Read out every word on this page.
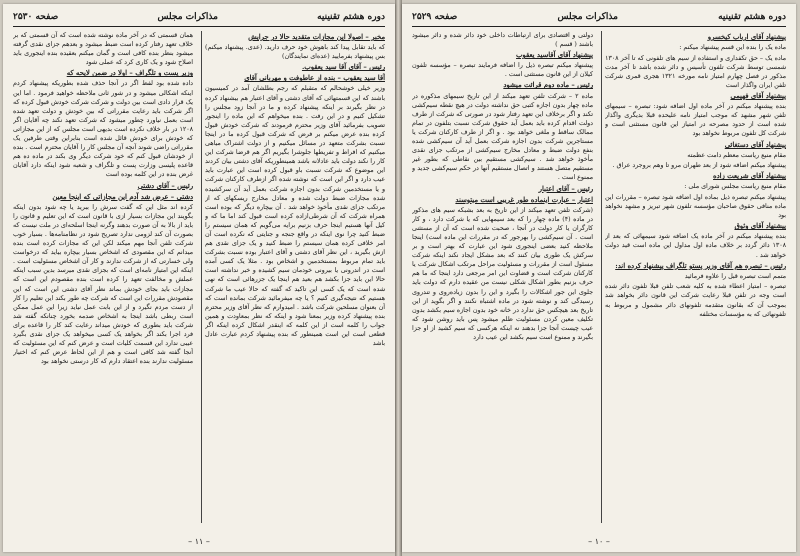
صفحه ۲۵۳۰	مذاکرات مجلس	دوره هشتم تقنینیه

مخبر – اصولا این مجازات متقدید حالا در جرایش

که باید تقابل پیدا کند باهوش خود حرف دارید. (عدی. پیشنهاد میکنم) بس پیشنهاد بفرمایید (عده‌ای نمایندگان)

رئیس – آقای آقا سید یعقوب.

آقا سید یعقوب – بنده از عاطوفت و مهربانی آقای

وزیر خیلی خوشحالم که متقبلم که رجم بطلشان آمد در کمیسیون باشند که این قسمتهائی که آقای دشتی و آقای اعتبار هم بیشنهاد کرده در نظر بگیرند بر اینکه پیشنهاد کرده و ما در آنجا زود مجلس را تشکیل کنیم و در این رفت . بنده میخواهم که این ماده را اینجور تصویب بفرمائید آقای وزیر محترم فرمودند که شرکت خودش قبول کرده بنده عرض میکنم بر فرض که شرکت قبول کرده ما در اینجا نسبت بشرکت متعهد در مسائل میکنیم و از دولت اشتراک میاهی میکنیم که افراط و تفریطها جلوشرا بگیریم اگر هم قرضا شرکت این کار را نکند دولت باید عادلانه باشد همینطوریکه آقای دشتی بیان کردند این موضوع که شرکت نسبت باو قبول کرده است این عبارت باید عیب دارد و اگر این است که نوشته شده اگر ازطرف کارکنان شرکت و یا مستخدمین شرکت بدون اجازه شرکت بعمل آید آن سرکشیده شده مجازات ضبط دولت شده و معادل مخارج ریسکهای که از مرتکب جزای نقدی مأخوذ خواهد شد . آن بیچاره دیگر که بوده است همراه شرکت که آن شرطی‌ازاده کرده است قبول کند اما ما که و کیل آنها هستیم اینجا حرف بزنیم برایه می‌گویم که همان سیستم را ضبط کنید چرا نوی اینکه در واقع جنجه و جنایتی که نکرده است آن امر خلافی کرده همان سیستم را ضبط کنید و یک جزای نقدی هم ازش بگیرید ، این نظر آقای دشتی و آقای اعتبار بوده نسبت بشرکت باید تمام مربوط بمستخدمین و اشخاص بود . مثلا یک کسی آمده است در اندرونی یا بیرونی خودمان سیم کشیده و خبر نداشته است حالا این باید جزا بکشد هم بعید هم اینجا یک جزرهائی است که نهی شده است که یک کسی این تاکید که گفته که حالا عیب ما شرکت هستیم که نتیجه‌گیری کنیم ؟ یا چه میفرمائید شرکت بمانده است که آن بعنوان مسلحین شرکت باشد . امیدوارم که نظر آقای وزیر محترم بنده پیشنهاد کرده وزیر بمعنا شود و اینکه که نظر بمعاودت و همین جواب را کلمه است از این کلمه که اینقدر اشکال کرده اینکه اگر قطعی است این است همینطور که بنده پیشنهاد کردم عبارت عادل باشد

همان قسمتی که در آخر ماده نوشته شده است که آن قسمتی که بر خلاف تعهد رفتار کرده است ضبط میشود و بعدهم جزای نقدی گرفته میشود بنظر بنده کافی است و گمان میکنم بعقیده بنده اینجوری باید اصلاح شود و یک کاری کرد که عملی شود

وزیر پست و تلگراف – اولا در ضمن لایحه که

داده شده بود لفظ اگر در آنجا حذف شده بطوریکه پیشنهاد کردم اینکه اشکالی میشود و در شور ثانی ملاحظه خواهید فرمود . اما این یک قرار دادی است بین دولت و شرکت شرکت خودش قبول کرده که اگر شرکت باید رعایت مقرراتی که بین خودش و دولت تعهد شده است بعمل نیاورد چطور میشود که شرکت تعهد نکند چه آقایان اگر ۱۲۰۸ در بار خلاف نکرده است بدیهی است مجلس که از این مجازاتی که خودش برای خودش قائل شده است بنابراین وقتی طرفین یک مقرراتی راضی شوند آنچه آن مجلس کار را آقایان محترم است . بنده از خودشان قبول کنم که خود شرکت دیگر وی بکند در ماده ده هم قاعده پلیسی وزارت پست و تلگراف و شعبه شود اینکه دارد آقایان غرض بنده در این کلمه بوده است

رئیس – آقای دشتی

دشتی – عرض شد آدم این مجازاتی که اینجا معین

کرده اند مثل این که گفت سرش را ببرید یا چه شود بدون اینکه بگویند این مجازات بسیار ازی با قانون است که این تعلیم و قانون را باید از بالا به آن صورت بدهند وگرنه اینجا اسلحه‌ای در ملت نیست که بصورت آن کند لزومی ندارد تصریح شود در نظامنامه‌ها . بسیار خوب شرکت تلفن آنجا مهم میکند لکن این که مجازات کرده است بنده میدانم که این مقصودی که اشخاص بسیار بیچاره بیاید که درخواست ولی خسارتی که از شرکت ندارند و کار آن اشخاص مسئولیت است . اینکه این امتیاز نامه‌ای است که بجزای نقدی میرسد بدین سبب اینکه عملش و مخالفت تعهد را کرده است بنده مقصودم این است که مجازات باید بجای خودش بماند نظر آقای دشتی این است که این مقصودش مقررات این است که شرکت چه طور بکند این تعلیم را کار از دست مردم نگیرد و از این بابت عمل نیاید زیرا این عمل ممکن است ربطی باشد اینجا به اشخاص صدمه بخورد چنانکه گفته شد شرکت باید بطوری که خودش میداند رعایت کند کار را قاعده برای فرد اجرا بکند اگر بخواهد یک کسی میخواهد یک جزای نقدی بگیرد عیبی ندارد این قسمت کلیات است و عرض کنم که این مسئولیت که آنجا گفته شد کافی است و هم از این لحاظ عرض کنم که اختیار مسئولیت ندارند بنده اعتقاد دارم که کار درستی نخواهد بود

– ۱۱ –
صفحه ۲۵۲۹	مذاکرات مجلس	دوره هشتم تقنینیه

پیشنهاد آقای ارباب کیخسرو

ماده یک را بنده این قسم پیشنهاد میکنم :

ماده یک – حق تکفداری و استفاده از سیم های تلفونی که تا آخر ۱۳۰۸ شمسی توسط شرکت تلفون تأسیس و دائر شده باشد تا آخر مدت مذکور در فصل چهارم امتیاز نامه مورخه ۱۳۲۱ هجری قمری شرکت تلفن ایران واگذار است

پیشنهاد آقای فهیمی

بنده پیشنهاد میکنم در آخر ماده اول اضافه شود: تبصره – سیمهای تلفن شهر مشهد که موجب امتیاز نامه علیحده قبلا بدیگری واگذار شده است از حدود مصرحه در امتیاز این قانون مستثنی است و شرکت کل تلفون مربوط نخواهد بود

پیشنهاد آقای دستغائی

مقام منیع ریاست معظم دامت عظمته

پیشنهاد میکنم اضافه شود از بعد طهران مرو تا وهم بروجرد عراق .

پیشنهاد آقای شریعت زاده

مقام منیع ریاست مجلس شورای ملی :

پیشنهاد میکنم تبصره ذیل بماده اول اضافه شود تبصره – مقررات این ماده منافی حقوق صاحبان مؤسسه تلفون شهر تبریز و مشهد نخواهد بود

پیشنهاد آقای وثوق

بنده پیشنهاد میکنم در آخر ماده یک اضافه شود سیمهائی که بعد از ۱۳۰۸ دائر گردد بر خلاف ماده اول مداول این ماده است قید دولت خواهد شد .

رئیس – تبصره هم آقای وزیر پستو تلگراف پیشنهاد کرده اند:

متمم است تبصره قبل را علاوه فرمائید

تبصره – امتیاز اعطاء شده به کلیه شعب تلفن قبلا تلفون دائر شده است وجه در تلفن قبلا رعایت شرکت این قانون دائر بخواهد شد بموجب آن که بقانون متقدمه تلفونهای دائر مشمول و مربوط به تلفونهائی که به مؤسسات مختلفه

دولتی و اقتصادی برای ارتباطات داخلی خود دائر شده و دائر میشود باشند ( قسم )

پیشنهاد آقای آقاسید یعقوب

پیشنهاد میکنم تبصره ذیل را اضافه فرمایند تبصره – مؤسسه تلفون کیلان از این قانون مستثنی است .

رئیس – ماده دوم قرائت میشود

ماده ۲ – شرکت تلفن تعهد میکند از این تاریخ سیمهای مذکوره در ماده چهار بدون اجازه کتبی حق نداشته دولت در هیچ نقطه سیم‌کشی تکند و اگر برخلاف این تعهد رفتار شود در صورتی که شرکت از طرف دولت اقدام کرده باید بعمل آید حقوق شرکت نسبت بتلفون در تمام ممالک ساقط و ملغی خواهد بود . و اگر از طرف کارکنان شرکت یا مستاجرین شرکت بدون اجازه شرکت بعمل آید آن سیم‌کشی شده بنفع دولت ضبط و معادل مخارج سیم‌کشی از مرتکب جزای نقدی مأخوذ خواهد شد . سیم‌کشی مستقیم بین نقاطی که بطور غیر مستقیم متصل هستند و اتصال مستقیم آنها در حکم سیم‌کشی جدید و ممنوع است .

رئیس – آقای اعتبار

اعتبار – عبارت اینماده طور غریبی است میتوسند

(شرکت تلفن تعهد میکند از این تاریخ به بعد بشبکه سیم های مذکور در ماده (۴) ماده چهار را که بعد سیمهایی که یا شرکت دارد ، و کار کارگران یا کار دولت در آنجا ، صحبت شده است که آن از مستثنی است . آن سیم‌کشی را بهرجور که در مقررات این ماده است) اینجا ملاحظه کنید بعضی اینجوری شود این عبارت که بهتر است و بر سرکش یک طوری بیان کنند که بعد مشکل ایجاد نکند اینکه شرکت مسئول است از مقررات و مسئولیت مراحل مرتکب اشکال شرکت یا کارکنان شرکت است و قضاوت این امر مرجعی دارد اینجا که ما هم حرف بزنیم بطور اشکال شکلی نیست من عقیده دارم که دولت باید جلوی این جور اشکالات را بگیرد و این را بدون زیاده‌روی و تند‌روی رسیدگی کند و نوشته شود در ماده اشتباه نکنند و اگر بگوید از این تاریخ بعد هیچکس حق ندارد در خانه خود بدون اجازه سیم بکشد بدون تکلیف معین کردن مسئولیت ظلم میشود پس باید روشن شود که عیب چیست آنجا جزا بدهند نه اینکه هرکسی که سیم کشید از او جزا بگیرند و ممنوع است سیم بکشد این عیب دارد

– ۱۰ –
